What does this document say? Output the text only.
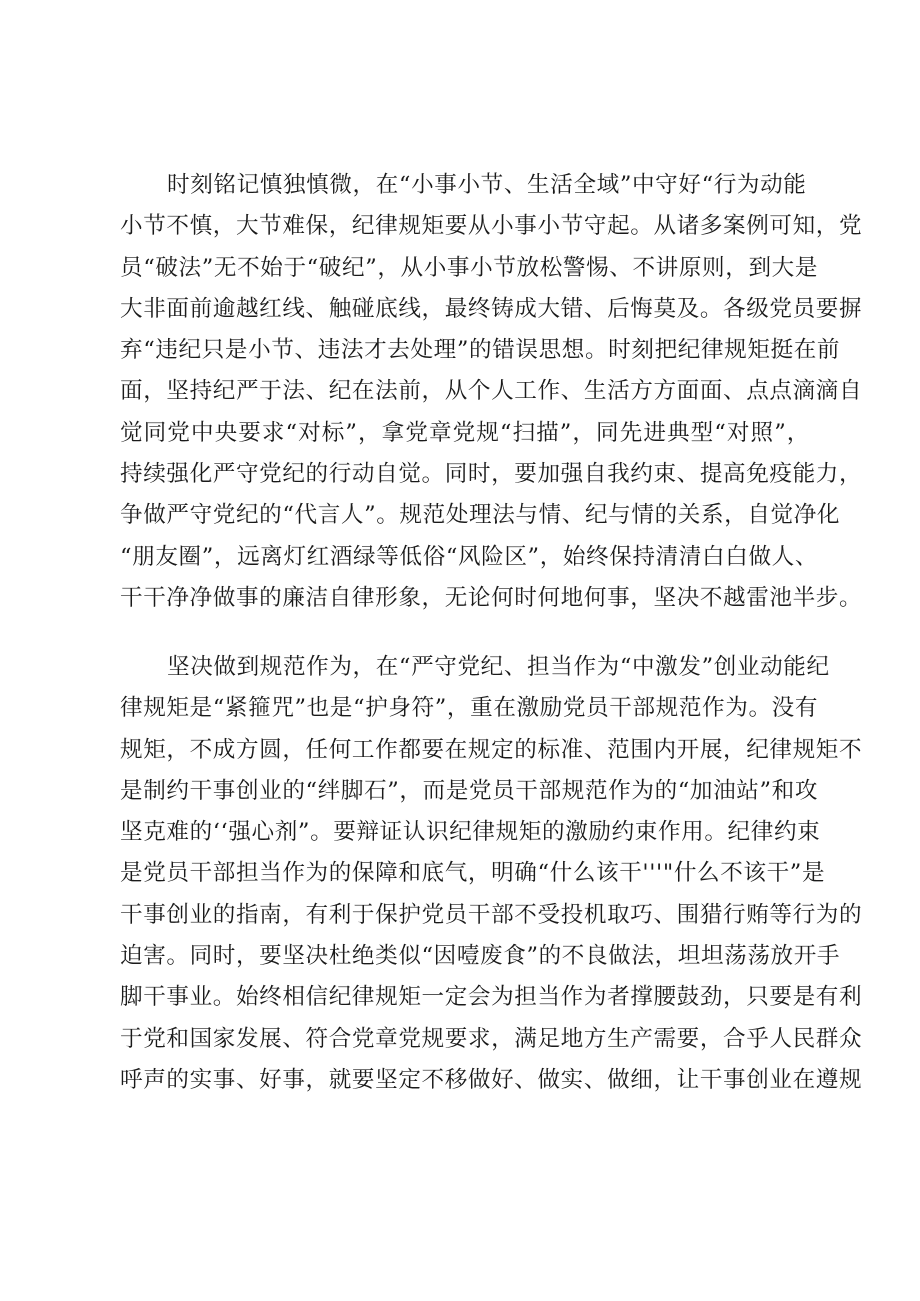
时刻铭记慎独慎微，在“小事小节、生活全域”中守好“行为动能
小节不慎，大节难保，纪律规矩要从小事小节守起。从诸多案例可知，党
员“破法”无不始于“破纪”，从小事小节放松警惕、不讲原则，到大是
大非面前逾越红线、触碰底线，最终铸成大错、后悔莫及。各级党员要摒
弃“违纪只是小节、违法才去处理”的错误思想。时刻把纪律规矩挺在前
面，坚持纪严于法、纪在法前，从个人工作、生活方方面面、点点滴滴自
觉同党中央要求“对标”，拿党章党规“扫描”，同先进典型“对照”，
持续强化严守党纪的行动自觉。同时，要加强自我约束、提高免疫能力，
争做严守党纪的“代言人”。规范处理法与情、纪与情的关系，自觉净化
“朋友圈”，远离灯红酒绿等低俗“风险区”，始终保持清清白白做人、
干干净净做事的廉洁自律形象，无论何时何地何事，坚决不越雷池半步。
坚决做到规范作为，在“严守党纪、担当作为“中激发”创业动能纪
律规矩是“紧箍咒”也是“护身符”，重在激励党员干部规范作为。没有
规矩，不成方圆，任何工作都要在规定的标准、范围内开展，纪律规矩不
是制约干事创业的“绊脚石”，而是党员干部规范作为的“加油站”和攻
坚克难的‘‘强心剂”。要辩证认识纪律规矩的激励约束作用。纪律约束
是党员干部担当作为的保障和底气，明确“什么该干'''"什么不该干”是
干事创业的指南，有利于保护党员干部不受投机取巧、围猎行贿等行为的
迫害。同时，要坚决杜绝类似“因噎废食”的不良做法，坦坦荡荡放开手
脚干事业。始终相信纪律规矩一定会为担当作为者撑腰鼓劲，只要是有利
于党和国家发展、符合党章党规要求，满足地方生产需要，合乎人民群众
呼声的实事、好事，就要坚定不移做好、做实、做细，让干事创业在遵规
